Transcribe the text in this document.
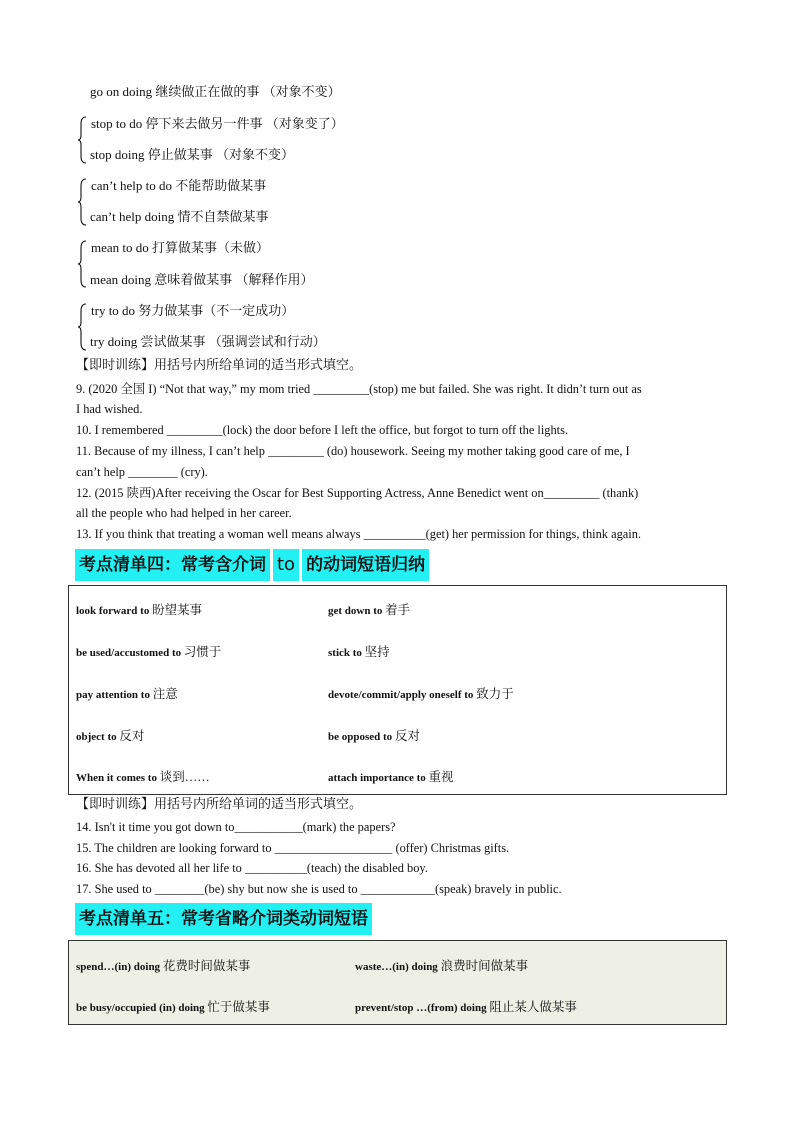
go on doing 继续做正在做的事 （对象不变）
stop to do 停下来去做另一件事 （对象变了）
stop doing 停止做某事 （对象不变）
can’t help to do 不能帮助做某事
can’t help doing 情不自禁做某事
mean to do 打算做某事（未做）
mean doing 意味着做某事 （解释作用）
try to do 努力做某事（不一定成功）
try doing 尝试做某事 （强调尝试和行动）
【即时训练】用括号内所给单词的适当形式填空。
9. (2020 全国 I) “Not that way,” my mom tried _________(stop) me but failed. She was right. It didn’t turn out as
I had wished.
10. I remembered _________(lock) the door before I left the office, but forgot to turn off the lights.
11. Because of my illness, I can’t help _________ (do) housework. Seeing my mother taking good care of me, I
can’t help ________ (cry).
12. (2015 陕西)After receiving the Oscar for Best Supporting Actress, Anne Benedict went on_________ (thank)
all the people who had helped in her career.
13. If you think that treating a woman well means always __________(get) her permission for things, think again.
考点清单四：常考含介词 to 的动词短语归纳
look forward to 盼望某事	get down to 着手
be used/accustomed to 习惯于	stick to 坚持
pay attention to 注意	devote/commit/apply oneself to 致力于
object to 反对	be opposed to 反对
When it comes to 谈到……	attach importance to 重视
【即时训练】用括号内所给单词的适当形式填空。
14. Isn't it time you got down to___________(mark) the papers?
15. The children are looking forward to ___________________ (offer) Christmas gifts.
16. She has devoted all her life to __________(teach) the disabled boy.
17. She used to ________(be) shy but now she is used to ____________(speak) bravely in public.
考点清单五：常考省略介词类动词短语
spend…(in) doing 花费时间做某事	waste…(in) doing 浪费时间做某事
be busy/occupied (in) doing 忙于做某事	prevent/stop …(from) doing 阻止某人做某事
